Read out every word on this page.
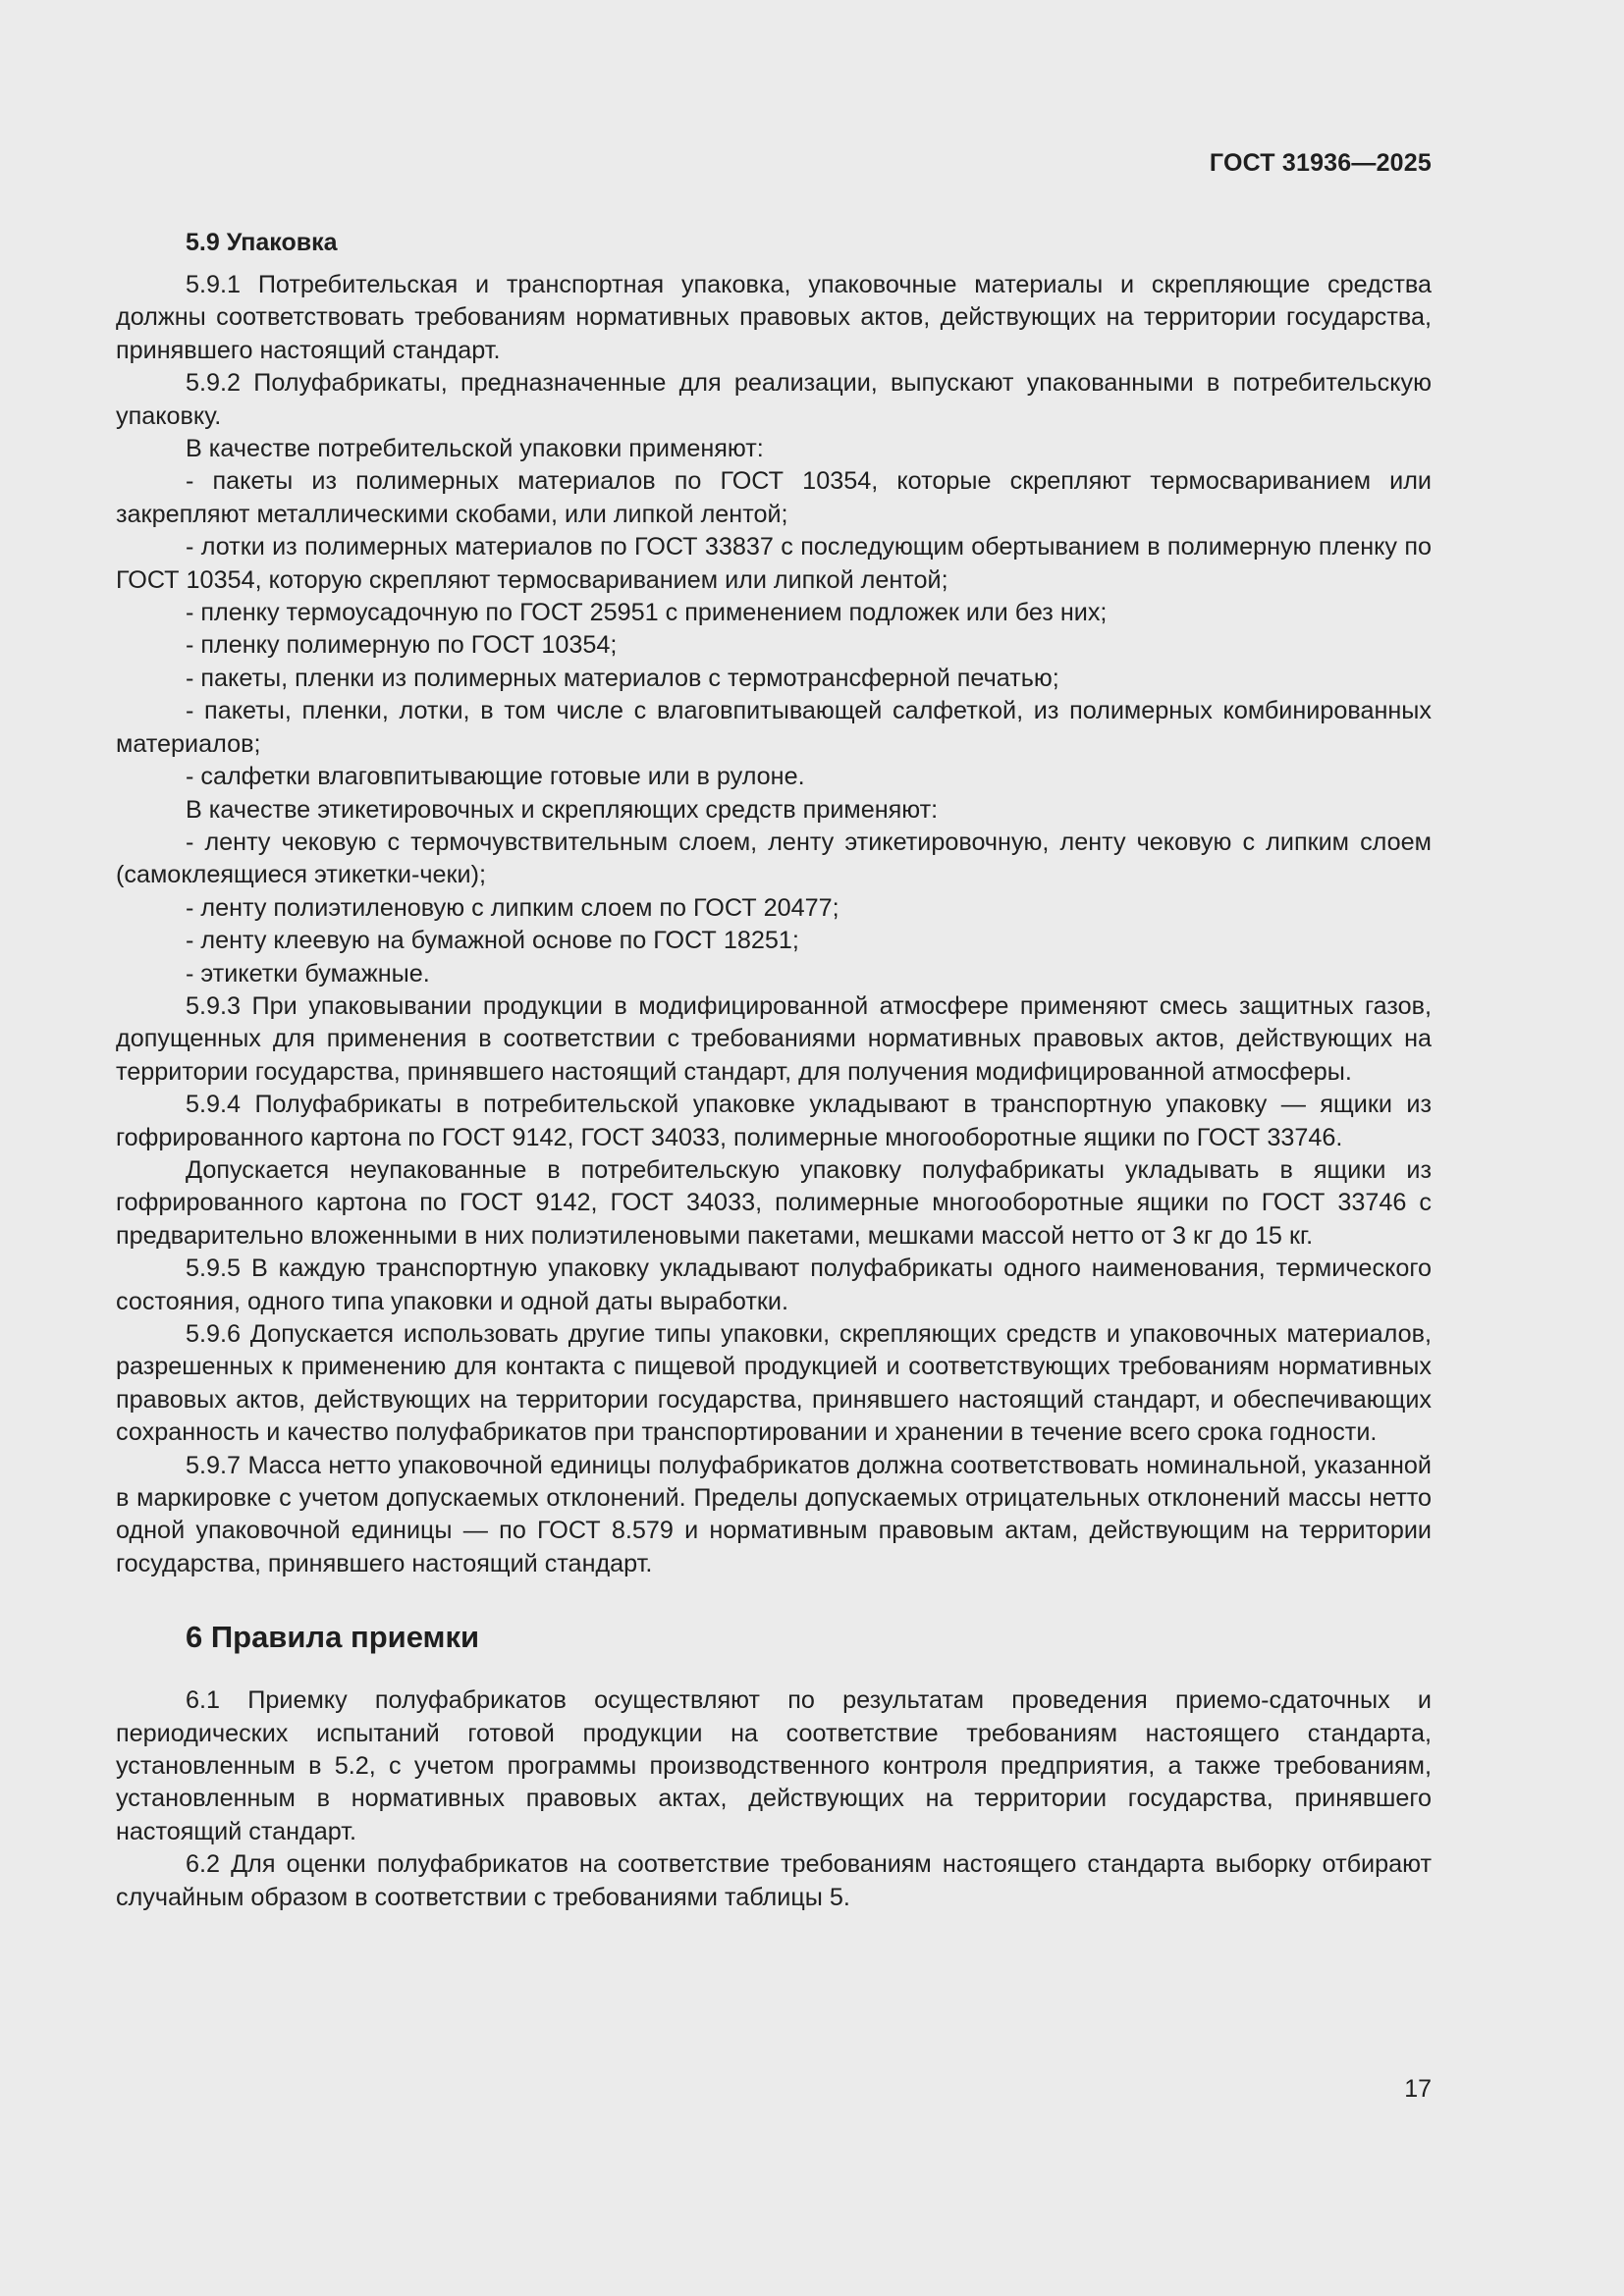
ГОСТ 31936—2025
5.9 Упаковка

5.9.1 Потребительская и транспортная упаковка, упаковочные материалы и скрепляющие средства должны соответствовать требованиям нормативных правовых актов, действующих на территории государства, принявшего настоящий стандарт.

5.9.2 Полуфабрикаты, предназначенные для реализации, выпускают упакованными в потребительскую упаковку.

В качестве потребительской упаковки применяют:

- пакеты из полимерных материалов по ГОСТ 10354, которые скрепляют термосвариванием или закрепляют металлическими скобами, или липкой лентой;

- лотки из полимерных материалов по ГОСТ 33837 с последующим обертыванием в полимерную пленку по ГОСТ 10354, которую скрепляют термосвариванием или липкой лентой;

- пленку термоусадочную по ГОСТ 25951 с применением подложек или без них;

- пленку полимерную по ГОСТ 10354;

- пакеты, пленки из полимерных материалов с термотрансферной печатью;

- пакеты, пленки, лотки, в том числе с влаговпитывающей салфеткой, из полимерных комбинированных материалов;

- салфетки влаговпитывающие готовые или в рулоне.

В качестве этикетировочных и скрепляющих средств применяют:

- ленту чековую с термочувствительным слоем, ленту этикетировочную, ленту чековую с липким слоем (самоклеящиеся этикетки-чеки);

- ленту полиэтиленовую с липким слоем по ГОСТ 20477;

- ленту клеевую на бумажной основе по ГОСТ 18251;

- этикетки бумажные.

5.9.3 При упаковывании продукции в модифицированной атмосфере применяют смесь защитных газов, допущенных для применения в соответствии с требованиями нормативных правовых актов, действующих на территории государства, принявшего настоящий стандарт, для получения модифицированной атмосферы.

5.9.4 Полуфабрикаты в потребительской упаковке укладывают в транспортную упаковку — ящики из гофрированного картона по ГОСТ 9142, ГОСТ 34033, полимерные многооборотные ящики по ГОСТ 33746.

Допускается неупакованные в потребительскую упаковку полуфабрикаты укладывать в ящики из гофрированного картона по ГОСТ 9142, ГОСТ 34033, полимерные многооборотные ящики по ГОСТ 33746 с предварительно вложенными в них полиэтиленовыми пакетами, мешками массой нетто от 3 кг до 15 кг.

5.9.5 В каждую транспортную упаковку укладывают полуфабрикаты одного наименования, термического состояния, одного типа упаковки и одной даты выработки.

5.9.6 Допускается использовать другие типы упаковки, скрепляющих средств и упаковочных материалов, разрешенных к применению для контакта с пищевой продукцией и соответствующих требованиям нормативных правовых актов, действующих на территории государства, принявшего настоящий стандарт, и обеспечивающих сохранность и качество полуфабрикатов при транспортировании и хранении в течение всего срока годности.

5.9.7 Масса нетто упаковочной единицы полуфабрикатов должна соответствовать номинальной, указанной в маркировке с учетом допускаемых отклонений. Пределы допускаемых отрицательных отклонений массы нетто одной упаковочной единицы — по ГОСТ 8.579 и нормативным правовым актам, действующим на территории государства, принявшего настоящий стандарт.

6 Правила приемки

6.1 Приемку полуфабрикатов осуществляют по результатам проведения приемо-сдаточных и периодических испытаний готовой продукции на соответствие требованиям настоящего стандарта, установленным в 5.2, с учетом программы производственного контроля предприятия, а также требованиям, установленным в нормативных правовых актах, действующих на территории государства, принявшего настоящий стандарт.

6.2 Для оценки полуфабрикатов на соответствие требованиям настоящего стандарта выборку отбирают случайным образом в соответствии с требованиями таблицы 5.

17
